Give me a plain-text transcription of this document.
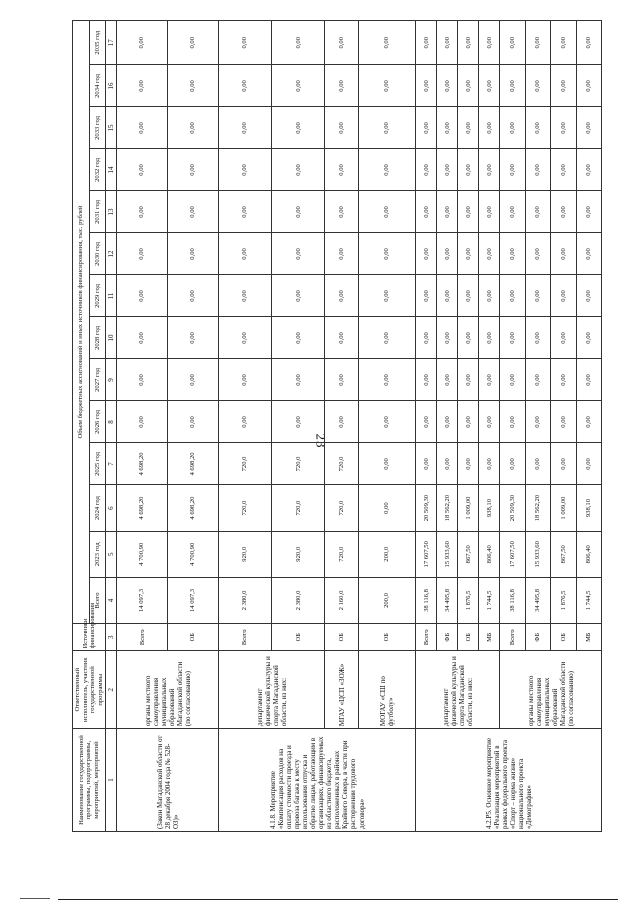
23
Наименование государственной программы, подпрограммы, мероприятий, мероприятий	Ответственный исполнитель, участник государственной программы	Источники финансирования	Объем бюджетных ассигнований и иных источников финансирования, тыс. рублей													
			Всего	2023 год	2024 год	2025 год	2026 год	2027 год	2028 год	2029 год	2030 год	2031 год	2032 год	2033 год	2034 год	2035 год
1	2	3	4	5	6	7	8	9	10	11	12	13	14	15	16	17
(Закон Магаданской области от 28 декабря 2004 года № 528-ОЗ)»	органы местного самоуправления муниципальных образований Магаданской области (по согласованию)	Всего	14 097,3	4 700,90	4 698,20	4 698,20	0,00	0,00	0,00	0,00	0,00	0,00	0,00	0,00	0,00	0,00
		ОБ	14 097,3	4 700,90	4 698,20	4 698,20	0,00	0,00	0,00	0,00	0,00	0,00	0,00	0,00	0,00	0,00
4.1.8. Мероприятие «Компенсация расходов на оплату стоимости проезда и провоза багажа к месту использования отпуска и обратно лицам, работающим в организациях, финансируемых из областного бюджета, расположенных в районах Крайнего Севера, в части при расторжении трудового договора»	департамент физической культуры и спорта Магаданской области, из них:	Всего	2 380,0	920,0	720,0	720,0	0,00	0,00	0,00	0,00	0,00	0,00	0,00	0,00	0,00	0,00
		ОБ	2 380,0	920,0	720,0	720,0	0,00	0,00	0,00	0,00	0,00	0,00	0,00	0,00	0,00	0,00
	МГАУ «ЦСП «ЗОЖ»	ОБ	2 160,0	720,0	720,0	720,0	0,00	0,00	0,00	0,00	0,00	0,00	0,00	0,00	0,00	0,00
	МОГАУ «СШ по футболу»	ОБ	200,0	200,0	0,00	0,00	0,00	0,00	0,00	0,00	0,00	0,00	0,00	0,00	0,00	0,00
4.2.Р5. Основное мероприятие «Реализация мероприятий в рамках федерального проекта «Спорт – норма жизни» национального проекта «Демография»	департамент физической культуры и спорта Магаданской области, из них:	Всего	38 116,8	17 607,50	20 509,30	0,00	0,00	0,00	0,00	0,00	0,00	0,00	0,00	0,00	0,00	0,00
		ФБ	34 495,8	15 933,60	18 562,20	0,00	0,00	0,00	0,00	0,00	0,00	0,00	0,00	0,00	0,00	0,00
		ОБ	1 876,5	867,50	1 009,00	0,00	0,00	0,00	0,00	0,00	0,00	0,00	0,00	0,00	0,00	0,00
		МБ	1 744,5	806,40	938,10	0,00	0,00	0,00	0,00	0,00	0,00	0,00	0,00	0,00	0,00	0,00
	органы местного самоуправления муниципальных образований Магаданской области (по согласованию)	Всего	38 116,8	17 607,50	20 509,30	0,00	0,00	0,00	0,00	0,00	0,00	0,00	0,00	0,00	0,00	0,00
		ФБ	34 495,8	15 933,60	18 562,20	0,00	0,00	0,00	0,00	0,00	0,00	0,00	0,00	0,00	0,00	0,00
		ОБ	1 876,5	867,50	1 009,00	0,00	0,00	0,00	0,00	0,00	0,00	0,00	0,00	0,00	0,00	0,00
		МБ	1 744,5	806,40	938,10	0,00	0,00	0,00	0,00	0,00	0,00	0,00	0,00	0,00	0,00	0,00
